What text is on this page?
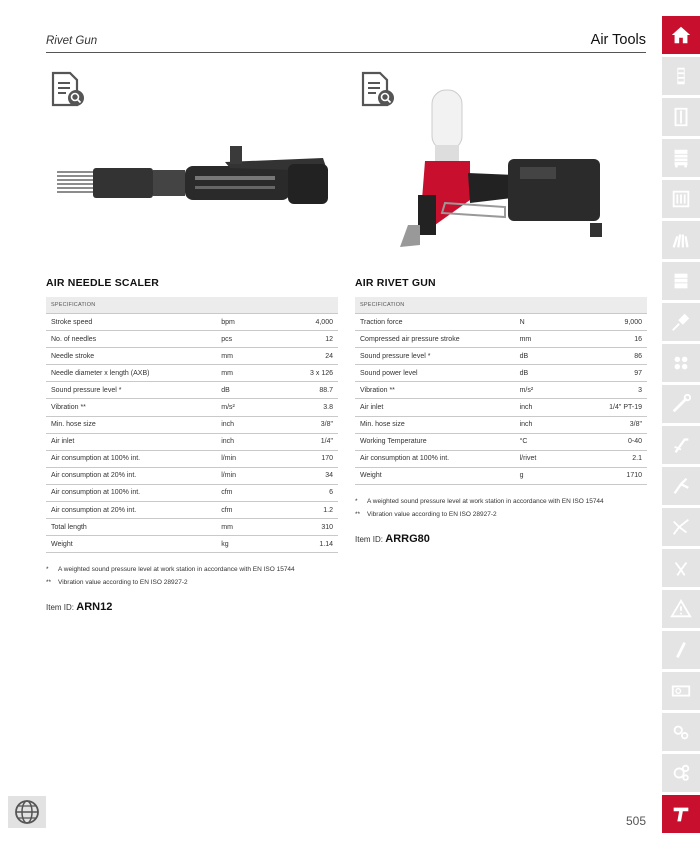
Rivet Gun	Air Tools
AIR NEEDLE SCALER
SPECIFICATION		
Stroke speed	bpm	4,000
No. of needles	pcs	12
Needle stroke	mm	24
Needle diameter x length (AXB)	mm	3 x 126
Sound pressure level *	dB	88.7
Vibration **	m/s²	3.8
Min. hose size	inch	3/8"
Air inlet	inch	1/4"
Air consumption at 100% int.	l/min	170
Air consumption at 20% int.	l/min	34
Air consumption at 100% int.	cfm	6
Air consumption at 20% int.	cfm	1.2
Total length	mm	310
Weight	kg	1.14
* A weighted sound pressure level at work station in accordance with EN ISO 15744
** Vibration value according to EN ISO 28927-2
Item ID: ARN12
AIR RIVET GUN
SPECIFICATION		
Traction force	N	9,000
Compressed air pressure stroke	mm	16
Sound pressure level *	dB	86
Sound power level	dB	97
Vibration **	m/s²	3
Air inlet	inch	1/4" PT-19
Min. hose size	inch	3/8"
Working Temperature	°C	0-40
Air consumption at 100% int.	l/rivet	2.1
Weight	g	1710
* A weighted sound pressure level at work station in accordance with EN ISO 15744
** Vibration value according to EN ISO 28927-2
Item ID: ARRG80
505
